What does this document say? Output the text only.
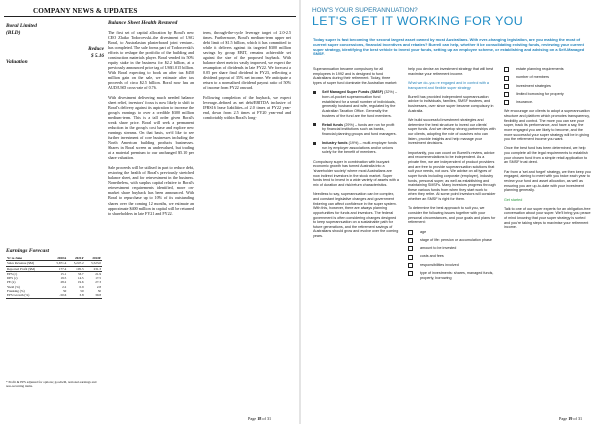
COMPANY NEWS & UPDATES
Boral Limited (BLD)
Valuation
Reduce
$ 5.16
Balance Sheet Health Restored

The first set of capital allocation by Boral's new CEO Zlatko Todorcevski–the divestment of USG Boral, to Australasian plasterboard joint venture–has completed. The sale forms part of Todorcevski's efforts to reshape the portfolio of the building and construction materials player. Boral vended its 50% equity stake in the business for $2.2 billion, at a previously announced price tag of US$1.015 billion. With Boral expecting to book an after tax $450 million gain on the sale, we estimate after tax proceeds of circa $2.5 billion. Boral now has an AUD/USD cross-rate of 0.76.

With divestment delivering much needed balance sheet relief, investors' focus is now likely to shift to Boral's delivery against its aspiration to increase the group's earnings to over a credible $300 million medium-term. This is a tall order given Boral's weak share price. Boral will seek a permanent reduction in the group's cost base and explore new earnings streams. On that basis, we'd like to see further investment of core businesses including the North American building products businesses. Shares in Boral screen as undervalued, but trading at a material premium to our unchanged $5.10 per share valuation.

Sale proceeds will be utilised in part to reduce debt, restoring the health of Boral's previously stretched balance sheet, and for reinvestment in the business. Nonetheless, with surplus capital relative to Boral's reinvestment requirements identified, more on-market share buyback has been announced. With Boral to repurchase up to 10% of its outstanding shares over the coming 12 months, we estimate an approximate $400 million in capital will be returned to shareholders in late FY21 and FY22.

term, through-the-cycle leverage target of 2.0-2.5 times. Furthermore, Boral's medium-term upper net debt limit of $1.5 billion, which it has committed to while it delivers against its targeted $300 million savings by group EBIT, remains achievable set against the size of the proposed buyback. With balance sheet metrics vastly improved, we expect the resumption of dividends in late FY22. We forecast a 0.05 per share final dividend in FY23, reflecting a dividend payout of 35% net income. We anticipate a return to a normalised dividend payout ratio of 50% of income from FY22 onward.

Following completion of the buyback, we expect leverage–defined as net debt/EBITDA inclusive of IFRS16 lease liabilities–of 2.0 times at FY22 year-end, down from 2.5 times at FY20 year-end and comfortably within Boral's long-

Earnings Forecast
Yr to June	2020A	2021F	2022F
Sales Revenue ($M)	5,671.4	5,247.2	5,523.0
Reported Profit ($M)	177.4	105.5	231.3
EPS (c)	15.1	33.7	21.9
DPS (c)	19.5	14.5	17.5
PE (x)	28.2	19.6	27.3
Yield (%)	2.2	0.9	2.8
Franking (%)	50	50	50
EPS Growth (%)	-50.6	3.8	39.8
* Profit & EPS adjusted for options; goodwill, notional earnings and non-recurring items.
Page 18 of 31
HOW'S YOUR SUPERANNUATION?
LET'S GET IT WORKING FOR YOU
Today super is fast becoming the second largest asset owned by most Australians. With ever-changing legislation, are you making the most of current super concessions, financial incentives and rebates? Burrell can help, whether it be consolidating existing funds, reviewing your current super strategy, identifying the best vehicle to invest your funds, setting up an employee scheme, or establishing and advising on a Self-Managed SMSF.

Superannuation became compulsory for all employees in 1992 and is designed to fund Australians during their retirement. Today, three types of super fund dominate the Australian market:

Self Managed Super Funds (SMSF) (32%) – born-of-pocket superannuation fund established for a small number of individuals, generally husband and wife, regulated by the Australian Taxation Office. Generally the trustees of the fund are the fund members.
Retail funds (29%) – funds are run for profit by financial institutions such as banks, financial planning groups and fund managers.
Industry funds (19%) – multi-employer funds run by employer associations and/or unions solely for the benefit of members.

Compulsory super in combination with buoyant economic growth has turned Australia into a 'shareholder society' where most Australians are now indirect investors in the stock market. Super funds tend to invest in a wide variety of assets with a mix of duration and risk/return characteristics.

Needless to say, superannuation can be complex, and constant legislative changes and government tinkering can affect confidence in the super system. With this, however, there are always planning opportunities for funds and investors. The federal government is often considering changes designed to keep superannuation on a sustainable path for future generations, and the retirement savings of Australians should grow and evolve over the coming years.

help you devise an investment strategy that will best maximise your retirement income.

What we do–you re engaged and in control with a transparent and flexible super strategy

Burrell has provided independent superannuation advice to individuals, families, SMSF trustees, and businesses, over since super became compulsory in Australia.

We build successful investment strategies and determine the best structure to invest our clients' super funds. And we develop strong partnerships with our clients, adopting the role of coaches who can listen, provide insights and help manage your investment decisions.

Importantly, you can count on Burrell's review, advice and recommendations to be independent. As a private firm, we are independent of product providers and are free to provide superannuation solutions that suit your needs, not ours. We advise on all types of super funds including corporate (employer), industry funds, personal super, as well as establishing and maintaining SMSFs. Many investors progress through these various funds from when they start work to when they retire. At some point investors will consider whether an SMSF is right for them.

To determine the best approach to suit you, we consider the following issues together with your personal circumstances, and your goals and plans for retirement:

age
stage of life: pension or accumulation phase
amount to be invested
costs and fees
responsibilities involved
type of investments: shares, managed funds, property, borrowing
estate planning requirements
number of members
investment strategies
limited borrowing for property
insurance.

We encourage our clients to adopt a superannuation structure and platform which promotes transparency, flexibility and control. The more you can see your super, track its performance, and have a say, the more engaged you are likely to become, and the more successful your super strategy will be in giving you the retirement income you want.

Once the best fund has been determined, we help you complete all the legal requirements to establish your chosen fund from a simple retail application to an SMSF trust deed.

Far from a 'set and forget' strategy, we then keep you engaged, aiming to meet with you twice each year to review your fund and asset allocation, as well as ensuring you are up-to-date with your investment planning generally.

Get started

Talk to one of our super experts for an obligation-free conversation about your super. We'll bring you peace of mind knowing that your super strategy is sorted and you're taking steps to maximise your retirement income.

Page 19 of 31
